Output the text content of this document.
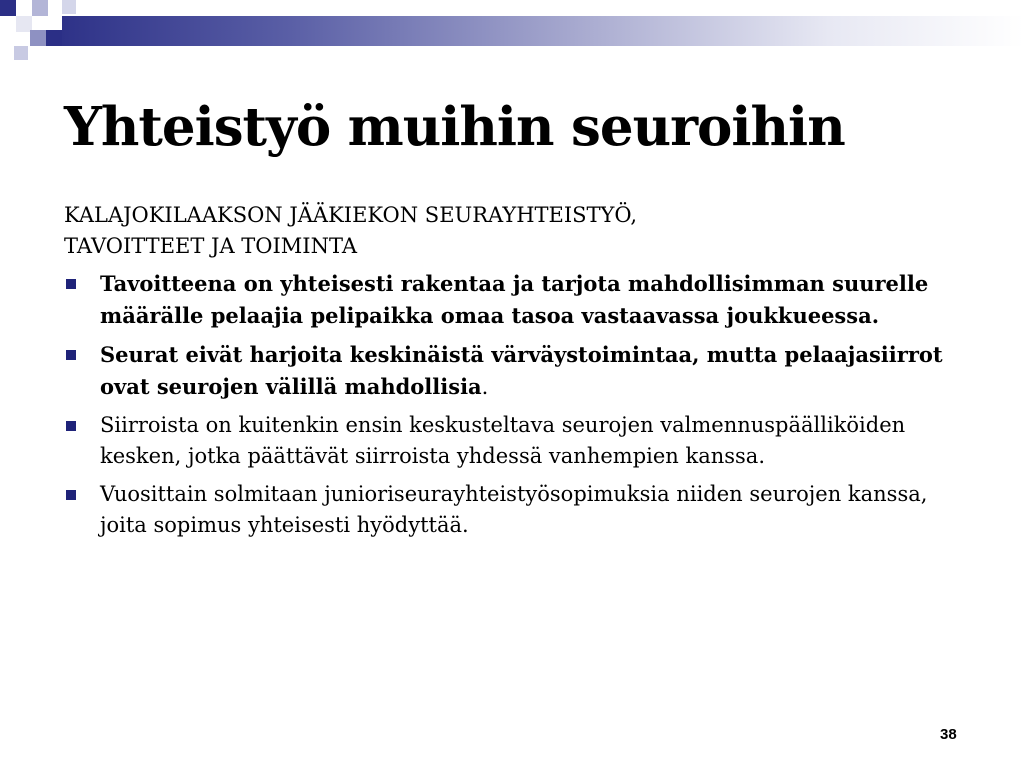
Yhteistyö muihin seuroihin

KALAJOKILAAKSON JÄÄKIEKON SEURAYHTEISTYÖ,

TAVOITTEET JA TOIMINTA

Tavoitteena on yhteisesti rakentaa ja tarjota mahdollisimman suurelle määrälle pelaajia pelipaikka omaa tasoa vastaavassa joukkueessa.
Seurat eivät harjoita keskinäistä värväystoimintaa, mutta pelaajasiirrot ovat seurojen välillä mahdollisia.
Siirroista on kuitenkin ensin keskusteltava seurojen valmennuspäälliköiden kesken, jotka päättävät siirroista yhdessä vanhempien kanssa.
Vuosittain solmitaan junioriseurayhteistyösopimuksia niiden seurojen kanssa, joita sopimus yhteisesti hyödyttää.
38
